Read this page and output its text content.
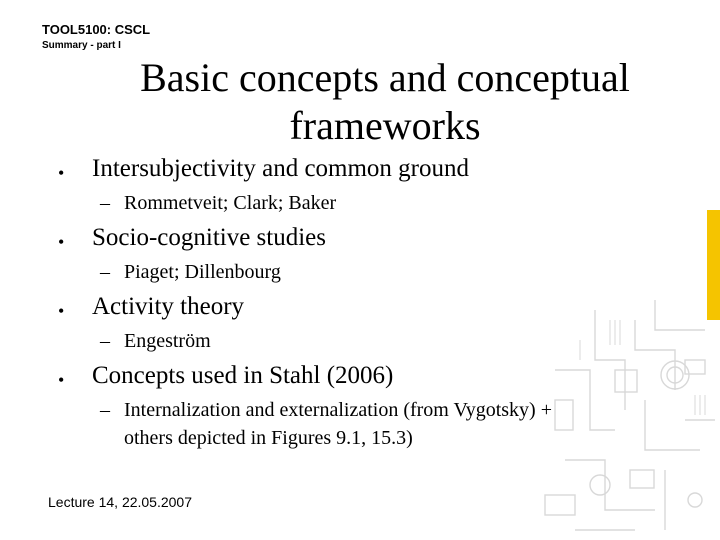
TOOL5100: CSCL
Summary - part I
Basic concepts and conceptual
frameworks
• Intersubjectivity and common ground
– Rommetveit; Clark; Baker
• Socio-cognitive studies
– Piaget; Dillenbourg
• Activity theory
– Engeström
• Concepts used in Stahl (2006)
– Internalization and externalization (from Vygotsky) +
others depicted in Figures 9.1, 15.3)
Lecture 14, 22.05.2007
